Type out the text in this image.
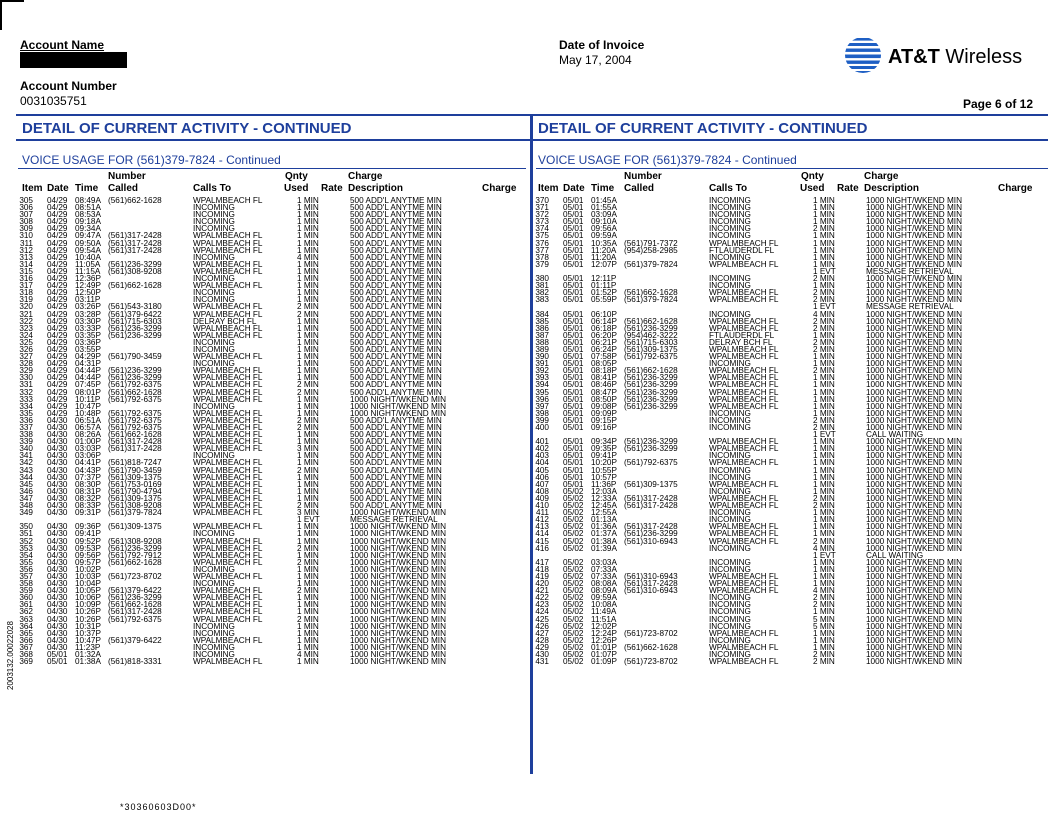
Account Name
Account Number
0031035751
Date of Invoice
May 17, 2004	AT&T Wireless
Page 6 of 12
DETAIL OF CURRENT ACTIVITY - CONTINUED
VOICE USAGE FOR (561)379-7824 - Continued
Number	Qnty	Charge
Item Date Time Called	Calls To	Used Rate Description	Charge
DETAIL OF CURRENT ACTIVITY - CONTINUED
VOICE USAGE FOR (561)379-7824 - Continued
Number	Qnty	Charge
Item Date Time Called	Calls To	Used Rate Description	Charge
305 04/29 08:49A (561)662-1628	WPALMBEACH FL	1 MIN	500 ADD'L ANYTME MIN
306 04/29 08:51A	INCOMING	1 MIN	500 ADD'L ANYTME MIN
307 04/29 08:53A	INCOMING	1 MIN	500 ADD'L ANYTME MIN
308 04/29 09:18A	INCOMING	1 MIN	500 ADD'L ANYTME MIN
309 04/29 09:34A	INCOMING	1 MIN	500 ADD'L ANYTME MIN
310 04/29 09:47A (561)317-2428	WPALMBEACH FL	1 MIN	500 ADD'L ANYTME MIN
311 04/29 09:50A (561)317-2428	WPALMBEACH FL	1 MIN	500 ADD'L ANYTME MIN
312 04/29 09:54A (561)317-2428	WPALMBEACH FL	1 MIN	500 ADD'L ANYTME MIN
313 04/29 10:40A	INCOMING	4 MIN	500 ADD'L ANYTME MIN
314 04/29 11:05A (561)236-3299	WPALMBEACH FL	1 MIN	500 ADD'L ANYTME MIN
315 04/29 11:15A (561)308-9208	WPALMBEACH FL	1 MIN	500 ADD'L ANYTME MIN
316 04/29 12:36P	INCOMING	1 MIN	500 ADD'L ANYTME MIN
317 04/29 12:49P (561)662-1628	WPALMBEACH FL	1 MIN	500 ADD'L ANYTME MIN
318 04/29 12:50P	INCOMING	1 MIN	500 ADD'L ANYTME MIN
319 04/29 03:11P	INCOMING	1 MIN	500 ADD'L ANYTME MIN
320 04/29 03:26P (561)543-3180	WPALMBEACH FL	2 MIN	500 ADD'L ANYTME MIN
321 04/29 03:28P (561)379-6422	WPALMBEACH FL	2 MIN	500 ADD'L ANYTME MIN
322 04/29 03:30P (561)715-6303	DELRAY BCH FL	1 MIN	500 ADD'L ANYTME MIN
323 04/29 03:33P (561)236-3299	WPALMBEACH FL	1 MIN	500 ADD'L ANYTME MIN
324 04/29 03:35P (561)236-3299	WPALMBEACH FL	1 MIN	500 ADD'L ANYTME MIN
325 04/29 03:36P	INCOMING	1 MIN	500 ADD'L ANYTME MIN
326 04/29 03:55P	INCOMING	1 MIN	500 ADD'L ANYTME MIN
327 04/29 04:29P (561)790-3459	WPALMBEACH FL	1 MIN	500 ADD'L ANYTME MIN
328 04/29 04:31P	INCOMING	1 MIN	500 ADD'L ANYTME MIN
329 04/29 04:44P (561)236-3299	WPALMBEACH FL	1 MIN	500 ADD'L ANYTME MIN
330 04/29 04:44P (561)236-3299	WPALMBEACH FL	1 MIN	500 ADD'L ANYTME MIN
331 04/29 07:45P (561)792-6375	WPALMBEACH FL	2 MIN	500 ADD'L ANYTME MIN
332 04/29 08:01P (561)662-1628	WPALMBEACH FL	2 MIN	500 ADD'L ANYTME MIN
333 04/29 10:11P (561)792-6375	WPALMBEACH FL	1 MIN	1000 NIGHT/WKEND MIN
334 04/29 10:47P	INCOMING	1 MIN	1000 NIGHT/WKEND MIN
335 04/29 10:48P (561)792-6375	WPALMBEACH FL	1 MIN	1000 NIGHT/WKEND MIN
336 04/30 06:51A (561)792-6375	WPALMBEACH FL	2 MIN	500 ADD'L ANYTME MIN
337 04/30 06:57A (561)792-6375	WPALMBEACH FL	2 MIN	500 ADD'L ANYTME MIN
338 04/30 08:26A (561)662-1628	WPALMBEACH FL	1 MIN	500 ADD'L ANYTME MIN
339 04/30 01:00P (561)317-2428	WPALMBEACH FL	1 MIN	500 ADD'L ANYTME MIN
340 04/30 03:03P (561)317-2428	WPALMBEACH FL	3 MIN	500 ADD'L ANYTME MIN
341 04/30 03:06P	INCOMING	1 MIN	500 ADD'L ANYTME MIN
342 04/30 04:41P (561)818-7247	WPALMBEACH FL	1 MIN	500 ADD'L ANYTME MIN
343 04/30 04:43P (561)790-3459	WPALMBEACH FL	2 MIN	500 ADD'L ANYTME MIN
344 04/30 07:37P (561)309-1375	WPALMBEACH FL	1 MIN	500 ADD'L ANYTME MIN
345 04/30 08:30P (561)753-0169	WPALMBEACH FL	1 MIN	500 ADD'L ANYTME MIN
346 04/30 08:31P (561)790-4794	WPALMBEACH FL	1 MIN	500 ADD'L ANYTME MIN
347 04/30 08:32P (561)309-1375	WPALMBEACH FL	1 MIN	500 ADD'L ANYTME MIN
348 04/30 08:33P (561)308-9208	WPALMBEACH FL	2 MIN	500 ADD'L ANYTME MIN
349 04/30 09:31P (561)379-7824	WPALMBEACH FL	3 MIN	1000 NIGHT/WKEND MIN
1 EVT	MESSAGE RETRIEVAL
350 04/30 09:36P (561)309-1375	WPALMBEACH FL	1 MIN	1000 NIGHT/WKEND MIN
351 04/30 09:41P	INCOMING	1 MIN	1000 NIGHT/WKEND MIN
352 04/30 09:52P (561)308-9208	WPALMBEACH FL	1 MIN	1000 NIGHT/WKEND MIN
353 04/30 09:53P (561)236-3299	WPALMBEACH FL	2 MIN	1000 NIGHT/WKEND MIN
354 04/30 09:56P (561)792-7912	WPALMBEACH FL	1 MIN	1000 NIGHT/WKEND MIN
355 04/30 09:57P (561)662-1628	WPALMBEACH FL	2 MIN	1000 NIGHT/WKEND MIN
356 04/30 10:02P	INCOMING	1 MIN	1000 NIGHT/WKEND MIN
357 04/30 10:03P (561)723-8702	WPALMBEACH FL	1 MIN	1000 NIGHT/WKEND MIN
358 04/30 10:04P	INCOMING	1 MIN	1000 NIGHT/WKEND MIN
359 04/30 10:05P (561)379-6422	WPALMBEACH FL	2 MIN	1000 NIGHT/WKEND MIN
360 04/30 10:06P (561)236-3299	WPALMBEACH FL	1 MIN	1000 NIGHT/WKEND MIN
361 04/30 10:09P (561)662-1628	WPALMBEACH FL	1 MIN	1000 NIGHT/WKEND MIN
362 04/30 10:26P (561)317-2428	WPALMBEACH FL	1 MIN	1000 NIGHT/WKEND MIN
363 04/30 10:26P (561)792-6375	WPALMBEACH FL	2 MIN	1000 NIGHT/WKEND MIN
364 04/30 10:31P	INCOMING	1 MIN	1000 NIGHT/WKEND MIN
365 04/30 10:37P	INCOMING	1 MIN	1000 NIGHT/WKEND MIN
366 04/30 10:47P (561)379-6422	WPALMBEACH FL	1 MIN	1000 NIGHT/WKEND MIN
367 04/30 11:23P	INCOMING	1 MIN	1000 NIGHT/WKEND MIN
368 05/01 01:32A	INCOMING	4 MIN	1000 NIGHT/WKEND MIN
369 05/01 01:38A (561)818-3331	WPALMBEACH FL	1 MIN	1000 NIGHT/WKEND MIN
370 05/01 01:45A	INCOMING	1 MIN	1000 NIGHT/WKEND MIN
371 05/01 01:55A	INCOMING	1 MIN	1000 NIGHT/WKEND MIN
372 05/01 03:09A	INCOMING	1 MIN	1000 NIGHT/WKEND MIN
373 05/01 09:10A	INCOMING	1 MIN	1000 NIGHT/WKEND MIN
374 05/01 09:56A	INCOMING	2 MIN	1000 NIGHT/WKEND MIN
375 05/01 09:59A	INCOMING	1 MIN	1000 NIGHT/WKEND MIN
376 05/01 10:35A (561)791-7372	WPALMBEACH FL	1 MIN	1000 NIGHT/WKEND MIN
377 05/01 11:20A (954)258-2985	FTLAUDERDL FL	1 MIN	1000 NIGHT/WKEND MIN
378 05/01 11:20A	INCOMING	1 MIN	1000 NIGHT/WKEND MIN
379 05/01 12:07P (561)379-7824	WPALMBEACH FL	1 MIN	1000 NIGHT/WKEND MIN
1 EVT	MESSAGE RETRIEVAL
380 05/01 12:11P	INCOMING	2 MIN	1000 NIGHT/WKEND MIN
381 05/01 01:11P	INCOMING	1 MIN	1000 NIGHT/WKEND MIN
382 05/01 01:52P (561)662-1628	WPALMBEACH FL	2 MIN	1000 NIGHT/WKEND MIN
383 05/01 05:59P (561)379-7824	WPALMBEACH FL	2 MIN	1000 NIGHT/WKEND MIN
1 EVT	MESSAGE RETRIEVAL
384 05/01 06:10P	INCOMING	4 MIN	1000 NIGHT/WKEND MIN
385 05/01 06:14P (561)662-1628	WPALMBEACH FL	2 MIN	1000 NIGHT/WKEND MIN
386 05/01 06:18P (561)236-3299	WPALMBEACH FL	2 MIN	1000 NIGHT/WKEND MIN
387 05/01 06:20P (954)462-3222	FTLAUDERDL FL	1 MIN	1000 NIGHT/WKEND MIN
388 05/01 06:21P (561)715-6303	DELRAY BCH FL	2 MIN	1000 NIGHT/WKEND MIN
389 05/01 06:24P (561)309-1375	WPALMBEACH FL	2 MIN	1000 NIGHT/WKEND MIN
390 05/01 07:58P (561)792-6375	WPALMBEACH FL	1 MIN	1000 NIGHT/WKEND MIN
391 05/01 08:05P	INCOMING	1 MIN	1000 NIGHT/WKEND MIN
392 05/01 08:18P (561)662-1628	WPALMBEACH FL	2 MIN	1000 NIGHT/WKEND MIN
393 05/01 08:41P (561)236-3299	WPALMBEACH FL	1 MIN	1000 NIGHT/WKEND MIN
394 05/01 08:46P (561)236-3299	WPALMBEACH FL	1 MIN	1000 NIGHT/WKEND MIN
395 05/01 08:47P (561)236-3299	WPALMBEACH FL	1 MIN	1000 NIGHT/WKEND MIN
396 05/01 08:50P (561)236-3299	WPALMBEACH FL	1 MIN	1000 NIGHT/WKEND MIN
397 05/01 09:08P (561)236-3299	WPALMBEACH FL	1 MIN	1000 NIGHT/WKEND MIN
398 05/01 09:09P	INCOMING	1 MIN	1000 NIGHT/WKEND MIN
399 05/01 09:15P	INCOMING	2 MIN	1000 NIGHT/WKEND MIN
400 05/01 09:16P	INCOMING	2 MIN	1000 NIGHT/WKEND MIN
1 EVT	CALL WAITING
401 05/01 09:34P (561)236-3299	WPALMBEACH FL	1 MIN	1000 NIGHT/WKEND MIN
402 05/01 09:35P (561)236-3299	WPALMBEACH FL	1 MIN	1000 NIGHT/WKEND MIN
403 05/01 09:41P	INCOMING	1 MIN	1000 NIGHT/WKEND MIN
404 05/01 10:20P (561)792-6375	WPALMBEACH FL	1 MIN	1000 NIGHT/WKEND MIN
405 05/01 10:55P	INCOMING	1 MIN	1000 NIGHT/WKEND MIN
406 05/01 10:57P	INCOMING	1 MIN	1000 NIGHT/WKEND MIN
407 05/01 11:36P (561)309-1375	WPALMBEACH FL	1 MIN	1000 NIGHT/WKEND MIN
408 05/02 12:03A	INCOMING	1 MIN	1000 NIGHT/WKEND MIN
409 05/02 12:33A (561)317-2428	WPALMBEACH FL	2 MIN	1000 NIGHT/WKEND MIN
410 05/02 12:45A (561)317-2428	WPALMBEACH FL	2 MIN	1000 NIGHT/WKEND MIN
411 05/02 12:55A	INCOMING	1 MIN	1000 NIGHT/WKEND MIN
412 05/02 01:13A	INCOMING	1 MIN	1000 NIGHT/WKEND MIN
413 05/02 01:36A (561)317-2428	WPALMBEACH FL	1 MIN	1000 NIGHT/WKEND MIN
414 05/02 01:37A (561)236-3299	WPALMBEACH FL	1 MIN	1000 NIGHT/WKEND MIN
415 05/02 01:38A (561)310-6943	WPALMBEACH FL	2 MIN	1000 NIGHT/WKEND MIN
416 05/02 01:39A	INCOMING	4 MIN	1000 NIGHT/WKEND MIN
1 EVT	CALL WAITING
417 05/02 03:03A	INCOMING	1 MIN	1000 NIGHT/WKEND MIN
418 05/02 07:33A	INCOMING	1 MIN	1000 NIGHT/WKEND MIN
419 05/02 07:33A (561)310-6943	WPALMBEACH FL	1 MIN	1000 NIGHT/WKEND MIN
420 05/02 08:08A (561)317-2428	WPALMBEACH FL	1 MIN	1000 NIGHT/WKEND MIN
421 05/02 08:09A (561)310-6943	WPALMBEACH FL	4 MIN	1000 NIGHT/WKEND MIN
422 05/02 09:59A	INCOMING	2 MIN	1000 NIGHT/WKEND MIN
423 05/02 10:08A	INCOMING	2 MIN	1000 NIGHT/WKEND MIN
424 05/02 11:49A	INCOMING	1 MIN	1000 NIGHT/WKEND MIN
425 05/02 11:51A	INCOMING	5 MIN	1000 NIGHT/WKEND MIN
426 05/02 12:02P	INCOMING	5 MIN	1000 NIGHT/WKEND MIN
427 05/02 12:24P (561)723-8702	WPALMBEACH FL	1 MIN	1000 NIGHT/WKEND MIN
428 05/02 12:26P	INCOMING	1 MIN	1000 NIGHT/WKEND MIN
429 05/02 01:01P (561)662-1628	WPALMBEACH FL	1 MIN	1000 NIGHT/WKEND MIN
430 05/02 01:07P	INCOMING	2 MIN	1000 NIGHT/WKEND MIN
431 05/02 01:09P (561)723-8702	WPALMBEACH FL	2 MIN	1000 NIGHT/WKEND MIN
2003132.00022028
*30360603D00*
